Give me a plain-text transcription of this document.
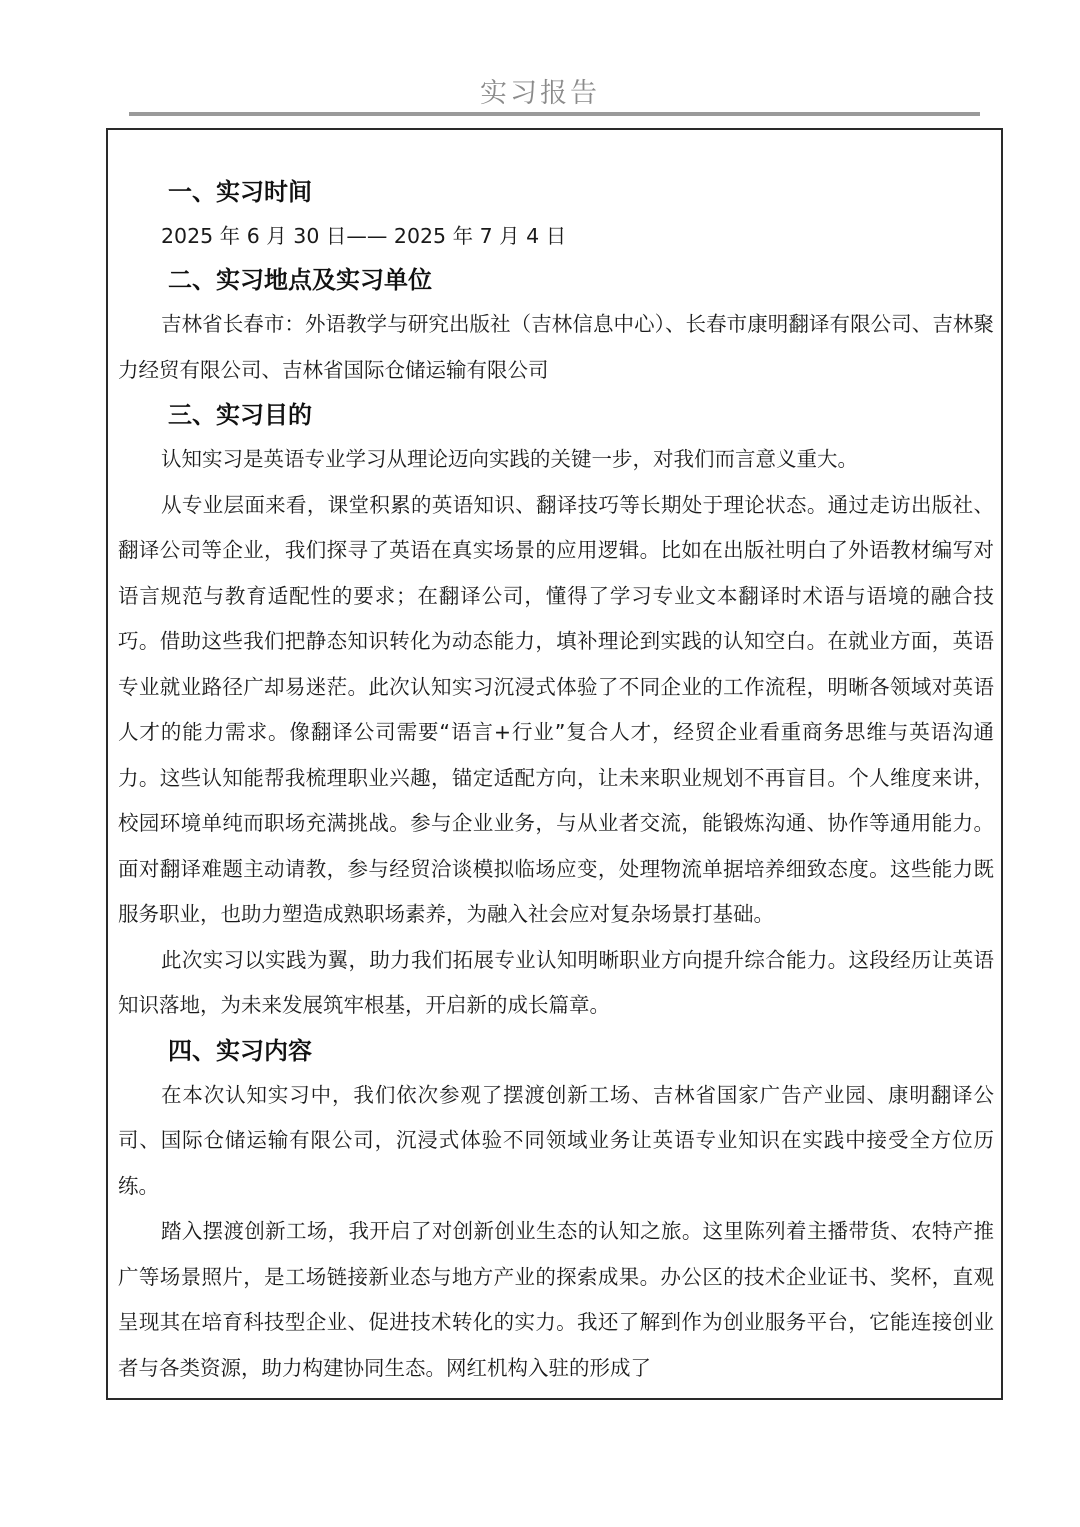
实习报告
一、实习时间
2025 年 6 月 30 日—— 2025 年 7 月 4 日
二、实习地点及实习单位
吉林省长春市：外语教学与研究出版社（吉林信息中心）、长春市康明翻译有限公司、吉林聚力经贸有限公司、吉林省国际仓储运输有限公司
三、实习目的
认知实习是英语专业学习从理论迈向实践的关键一步，对我们而言意义重大。
从专业层面来看，课堂积累的英语知识、翻译技巧等长期处于理论状态。通过走访出版社、翻译公司等企业，我们探寻了英语在真实场景的应用逻辑。比如在出版社明白了外语教材编写对语言规范与教育适配性的要求；在翻译公司，懂得了学习专业文本翻译时术语与语境的融合技巧。借助这些我们把静态知识转化为动态能力，填补理论到实践的认知空白。在就业方面，英语专业就业路径广却易迷茫。此次认知实习沉浸式体验了不同企业的工作流程，明晰各领域对英语人才的能力需求。像翻译公司需要“语言+行业”复合人才，经贸企业看重商务思维与英语沟通力。这些认知能帮我梳理职业兴趣，锚定适配方向，让未来职业规划不再盲目。个人维度来讲，校园环境单纯而职场充满挑战。参与企业业务，与从业者交流，能锻炼沟通、协作等通用能力。面对翻译难题主动请教，参与经贸洽谈模拟临场应变，处理物流单据培养细致态度。这些能力既服务职业，也助力塑造成熟职场素养，为融入社会应对复杂场景打基础。
此次实习以实践为翼，助力我们拓展专业认知明晰职业方向提升综合能力。这段经历让英语知识落地，为未来发展筑牢根基，开启新的成长篇章。
四、实习内容
在本次认知实习中，我们依次参观了摆渡创新工场、吉林省国家广告产业园、康明翻译公司、国际仓储运输有限公司，沉浸式体验不同领域业务让英语专业知识在实践中接受全方位历练。
踏入摆渡创新工场，我开启了对创新创业生态的认知之旅。这里陈列着主播带货、农特产推广等场景照片，是工场链接新业态与地方产业的探索成果。办公区的技术企业证书、奖杯，直观呈现其在培育科技型企业、促进技术转化的实力。我还了解到作为创业服务平台，它能连接创业者与各类资源，助力构建协同生态。网红机构入驻的形成了
